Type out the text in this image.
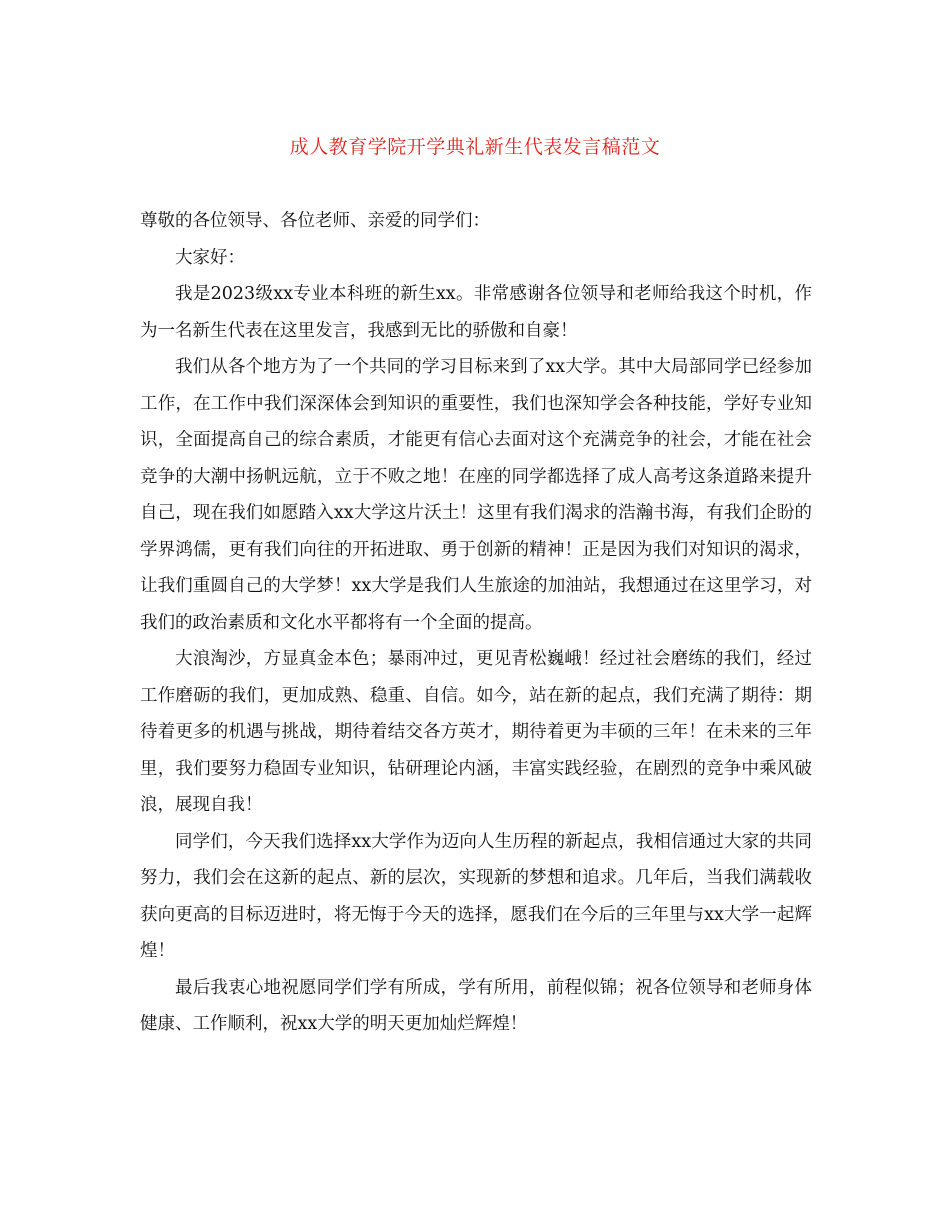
成人教育学院开学典礼新生代表发言稿范文

尊敬的各位领导、各位老师、亲爱的同学们：

大家好：

我是2023级xx专业本科班的新生xx。非常感谢各位领导和老师给我这个时机，作为一名新生代表在这里发言，我感到无比的骄傲和自豪！

我们从各个地方为了一个共同的学习目标来到了xx大学。其中大局部同学已经参加工作，在工作中我们深深体会到知识的重要性，我们也深知学会各种技能，学好专业知识，全面提高自己的综合素质，才能更有信心去面对这个充满竞争的社会，才能在社会竞争的大潮中扬帆远航，立于不败之地！在座的同学都选择了成人高考这条道路来提升自己，现在我们如愿踏入xx大学这片沃土！这里有我们渴求的浩瀚书海，有我们企盼的学界鸿儒，更有我们向往的开拓进取、勇于创新的精神！正是因为我们对知识的渴求，让我们重圆自己的大学梦！xx大学是我们人生旅途的加油站，我想通过在这里学习，对我们的政治素质和文化水平都将有一个全面的提高。

大浪淘沙，方显真金本色；暴雨冲过，更见青松巍峨！经过社会磨练的我们，经过工作磨砺的我们，更加成熟、稳重、自信。如今，站在新的起点，我们充满了期待：期待着更多的机遇与挑战，期待着结交各方英才，期待着更为丰硕的三年！在未来的三年里，我们要努力稳固专业知识，钻研理论内涵，丰富实践经验，在剧烈的竞争中乘风破浪，展现自我！

同学们，今天我们选择xx大学作为迈向人生历程的新起点，我相信通过大家的共同努力，我们会在这新的起点、新的层次，实现新的梦想和追求。几年后，当我们满载收获向更高的目标迈进时，将无悔于今天的选择，愿我们在今后的三年里与xx大学一起辉煌！

最后我衷心地祝愿同学们学有所成，学有所用，前程似锦；祝各位领导和老师身体健康、工作顺利，祝xx大学的明天更加灿烂辉煌！
